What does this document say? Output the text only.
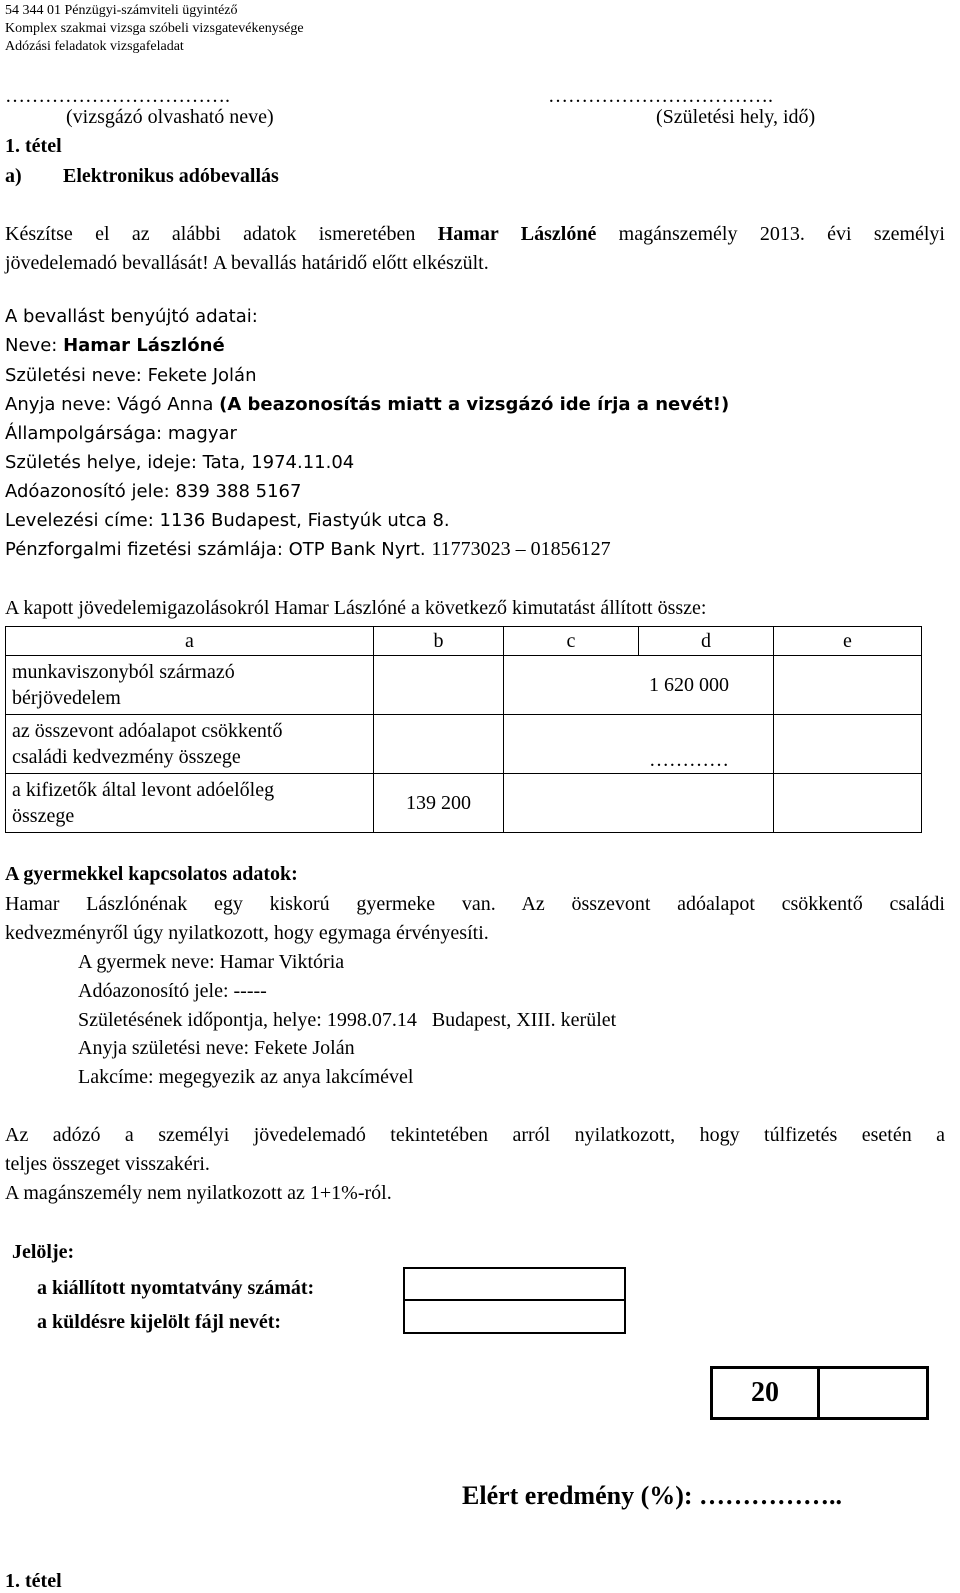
54 344 01 Pénzügyi-számviteli ügyintéző
Komplex szakmai vizsga szóbeli vizsgatevékenysége
Adózási feladatok vizsgafeladat
…………………………….	…………………………….
(vizsgázó olvasható neve)	(Születési hely, idő)
1. tétel
a) Elektronikus adóbevallás
Készítse el az alábbi adatok ismeretében Hamar Lászlóné magánszemély 2013. évi személyi
jövedelemadó bevallását! A bevallás határidő előtt elkészült.
A bevallást benyújtó adatai:
Neve: Hamar Lászlóné
Születési neve: Fekete Jolán
Anyja neve: Vágó Anna (A beazonosítás miatt a vizsgázó ide írja a nevét!)
Állampolgársága: magyar
Születés helye, ideje: Tata, 1974.11.04
Adóazonosító jele: 839 388 5167
Levelezési címe: 1136 Budapest, Fiastyúk utca 8.
Pénzforgalmi fizetési számlája: OTP Bank Nyrt. 11773023 – 01856127
A kapott jövedelemigazolásokról Hamar Lászlóné a következő kimutatást állított össze:
a	b	c	d	e
munkaviszonyból származó
bérjövedelem		1 620 000		
az összevont adóalapot csökkentő
családi kedvezmény összege		…………		
a kifizetők által levont adóelőleg
összege	139 200			
A gyermekkel kapcsolatos adatok:
Hamar Lászlónénak egy kiskorú gyermeke van. Az összevont adóalapot csökkentő családi
kedvezményről úgy nyilatkozott, hogy egymaga érvényesíti.
A gyermek neve: Hamar Viktória
Adóazonosító jele: -----
Születésének időpontja, helye: 1998.07.14   Budapest, XIII. kerület
Anyja születési neve: Fekete Jolán
Lakcíme: megegyezik az anya lakcímével
Az adózó a személyi jövedelemadó tekintetében arról nyilatkozott, hogy túlfizetés esetén a
teljes összeget visszakéri.
A magánszemély nem nyilatkozott az 1+1%-ról.
Jelölje:
a kiállított nyomtatvány számát:
a küldésre kijelölt fájl nevét:
20
Elért eredmény (%): ……………..
1. tétel
